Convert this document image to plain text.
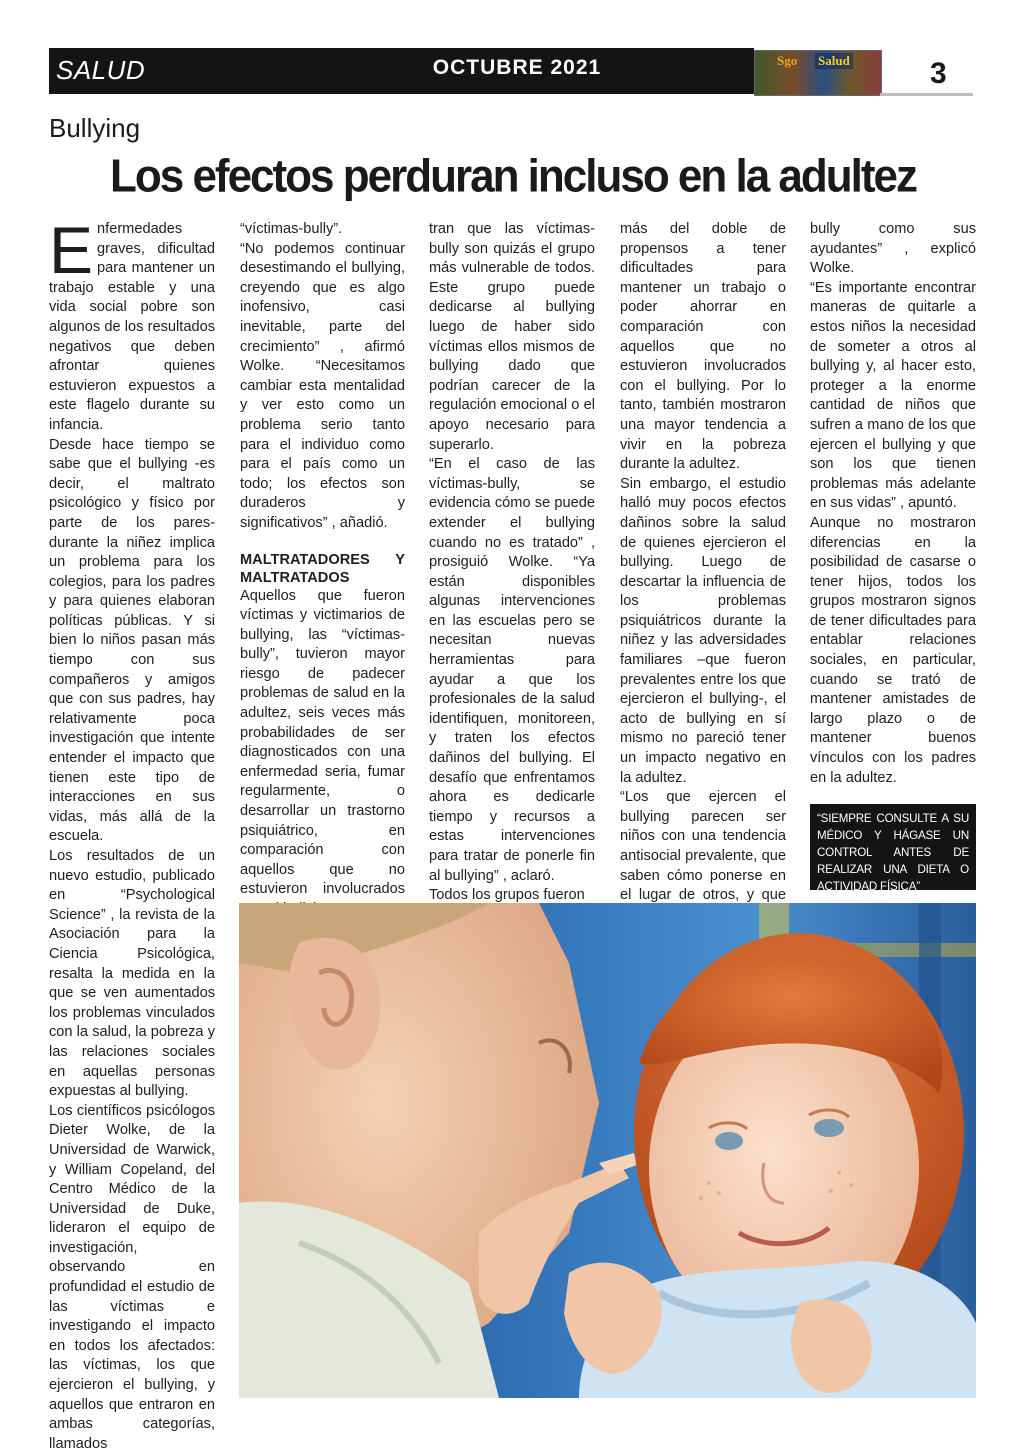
SALUD	OCTUBRE 2021	Sgo Salud	3
Bullying
Los efectos perduran incluso en la adultez

Enfermedades graves, dificultad para mantener un trabajo estable y una vida social pobre son algunos de los resultados negativos que deben afrontar quienes estuvieron expuestos a este flagelo durante su infancia.

Desde hace tiempo se sabe que el bullying -es decir, el maltrato psicológico y físico por parte de los pares- durante la niñez implica un problema para los colegios, para los padres y para quienes elaboran políticas públicas. Y si bien lo niños pasan más tiempo con sus compañeros y amigos que con sus padres, hay relativamente poca investigación que intente entender el impacto que tienen este tipo de interacciones en sus vidas, más allá de la escuela.

Los resultados de un nuevo estudio, publicado en “Psychological Science” , la revista de la Asociación para la Ciencia Psicológica, resalta la medida en la que se ven aumentados los problemas vinculados con la salud, la pobreza y las relaciones sociales en aquellas personas expuestas al bullying.

Los científicos psicólogos Dieter Wolke, de la Universidad de Warwick, y William Copeland, del Centro Médico de la Universidad de Duke, lideraron el equipo de investigación, observando en profundidad el estudio de las víctimas e investigando el impacto en todos los afectados: las víctimas, los que ejercieron el bullying, y aquellos que entraron en ambas categorías, llamados

“víctimas-bully”.

“No podemos continuar desestimando el bullying, creyendo que es algo inofensivo, casi inevitable, parte del crecimiento” , afirmó Wolke. “Necesitamos cambiar esta mentalidad y ver esto como un problema serio tanto para el individuo como para el país como un todo; los efectos son duraderos y significativos” , añadió.

MALTRATADORES Y MALTRATADOS

Aquellos que fueron víctimas y victimarios de bullying, las “víctimas-bully”, tuvieron mayor riesgo de padecer problemas de salud en la adultez, seis veces más probabilidades de ser diagnosticados con una enfermedad seria, fumar regularmente, o desarrollar un trastorno psiquiátrico, en comparación con aquellos que no estuvieron involucrados

tran que las víctimas-bully son quizás el grupo más vulnerable de todos. Este grupo puede dedicarse al bullying luego de haber sido víctimas ellos mismos de bullying dado que podrían carecer de la regulación emocional o el apoyo necesario para superarlo.

“En el caso de las víctimas-bully, se evidencia cómo se puede extender el bullying cuando no es tratado” , prosiguió Wolke. “Ya están disponibles algunas intervenciones en las escuelas pero se necesitan nuevas herramientas para ayudar a que los profesionales de la salud identifiquen, monitoreen, y traten los efectos dañinos del bullying. El desafío que enfrentamos ahora es dedicarle tiempo y recursos a estas intervenciones para tratar de ponerle fin al bullying” , aclaró.

Todos los grupos fueron

más del doble de propensos a tener dificultades para mantener un trabajo o poder ahorrar en comparación con aquellos que no estuvieron involucrados con el bullying. Por lo tanto, también mostraron una mayor tendencia a vivir en la pobreza durante la adultez.

Sin embargo, el estudio halló muy pocos efectos dañinos sobre la salud de quienes ejercieron el bullying. Luego de descartar la influencia de los problemas psiquiátricos durante la niñez y las adversidades familiares –que fueron prevalentes entre los que ejercieron el bullying-, el acto de bullying en sí mismo no pareció tener un impacto negativo en la adultez.

“Los que ejercen el bullying parecen ser niños con una tendencia antisocial prevalente, que saben cómo ponerse en el lugar de otros, y que

bully como sus ayudantes” , explicó Wolke.

“Es importante encontrar maneras de quitarle a estos niños la necesidad de someter a otros al bullying y, al hacer esto, proteger a la enorme cantidad de niños que sufren a mano de los que ejercen el bullying y que son los que tienen problemas más adelante en sus vidas” , apuntó.

Aunque no mostraron diferencias en la posibilidad de casarse o tener hijos, todos los grupos mostraron signos de tener dificultades para entablar relaciones sociales, en particular, cuando se trató de mantener amistades de largo plazo o de mantener buenos vínculos con los padres en la adultez.

“SIEMPRE CONSULTE A SU MÉDICO Y HÁGASE UN CONTROL ANTES DE REALIZAR UNA DIETA O ACTIVIDAD FÍSICA”
